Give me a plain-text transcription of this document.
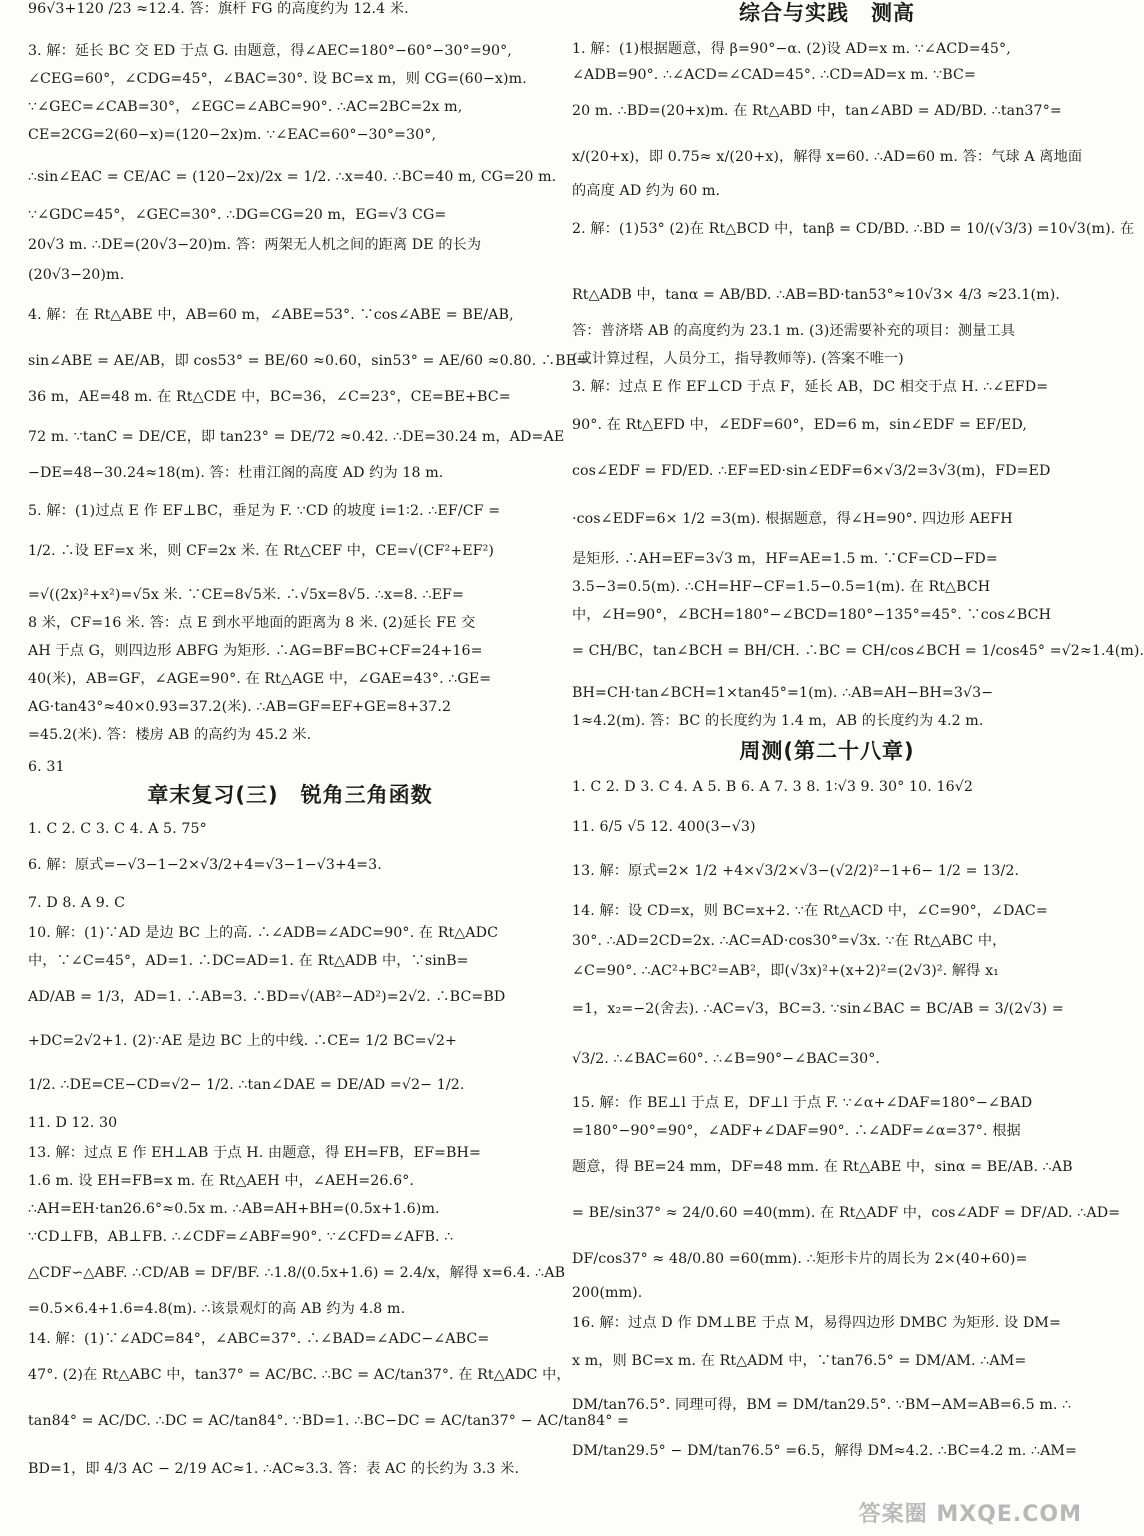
章末复习(三)　锐角三角函数
96√3+120 /23 ≈12.4. 答：旗杆 FG 的高度约为 12.4 米.
3. 解：延长 BC 交 ED 于点 G. 由题意，得∠AEC=180°−60°−30°=90°,
∠CEG=60°，∠CDG=45°，∠BAC=30°. 设 BC=x m，则 CG=(60−x)m.
∵∠GEC=∠CAB=30°，∠EGC=∠ABC=90°. ∴AC=2BC=2x m,
CE=2CG=2(60−x)=(120−2x)m. ∵∠EAC=60°−30°=30°,
∴sin∠EAC = CE/AC = (120−2x)/2x = 1/2. ∴x=40. ∴BC=40 m, CG=20 m.
∵∠GDC=45°，∠GEC=30°. ∴DG=CG=20 m，EG=√3 CG=
20√3 m. ∴DE=(20√3−20)m. 答：两架无人机之间的距离 DE 的长为
(20√3−20)m.
4. 解：在 Rt△ABE 中，AB=60 m，∠ABE=53°. ∵cos∠ABE = BE/AB,
sin∠ABE = AE/AB，即 cos53° = BE/60 ≈0.60，sin53° = AE/60 ≈0.80. ∴BE=
36 m，AE=48 m. 在 Rt△CDE 中，BC=36，∠C=23°，CE=BE+BC=
72 m. ∵tanC = DE/CE，即 tan23° = DE/72 ≈0.42. ∴DE=30.24 m，AD=AE
−DE=48−30.24≈18(m). 答：杜甫江阁的高度 AD 约为 18 m.
5. 解：(1)过点 E 作 EF⊥BC，垂足为 F. ∵CD 的坡度 i=1∶2. ∴EF/CF =
1/2. ∴设 EF=x 米，则 CF=2x 米. 在 Rt△CEF 中，CE=√(CF²+EF²)
=√((2x)²+x²)=√5x 米. ∵CE=8√5米. ∴√5x=8√5. ∴x=8. ∴EF=
8 米，CF=16 米. 答：点 E 到水平地面的距离为 8 米. (2)延长 FE 交
AH 于点 G，则四边形 ABFG 为矩形. ∴AG=BF=BC+CF=24+16=
40(米)，AB=GF，∠AGE=90°. 在 Rt△AGE 中，∠GAE=43°. ∴GE=
AG·tan43°≈40×0.93=37.2(米). ∴AB=GF=EF+GE=8+37.2
=45.2(米). 答：楼房 AB 的高约为 45.2 米.
6. 31
1. C 2. C 3. C 4. A 5. 75°
6. 解：原式=−√3−1−2×√3/2+4=√3−1−√3+4=3.
7. D 8. A 9. C
10. 解：(1)∵AD 是边 BC 上的高. ∴∠ADB=∠ADC=90°. 在 Rt△ADC
中，∵∠C=45°，AD=1. ∴DC=AD=1. 在 Rt△ADB 中，∵sinB=
AD/AB = 1/3，AD=1. ∴AB=3. ∴BD=√(AB²−AD²)=2√2. ∴BC=BD
+DC=2√2+1. (2)∵AE 是边 BC 上的中线. ∴CE= 1/2 BC=√2+
1/2. ∴DE=CE−CD=√2− 1/2. ∴tan∠DAE = DE/AD =√2− 1/2.
11. D 12. 30
13. 解：过点 E 作 EH⊥AB 于点 H. 由题意，得 EH=FB，EF=BH=
1.6 m. 设 EH=FB=x m. 在 Rt△AEH 中，∠AEH=26.6°.
∴AH=EH·tan26.6°≈0.5x m. ∴AB=AH+BH=(0.5x+1.6)m.
∵CD⊥FB，AB⊥FB. ∴∠CDF=∠ABF=90°. ∵∠CFD=∠AFB. ∴
△CDF∽△ABF. ∴CD/AB = DF/BF. ∴1.8/(0.5x+1.6) = 2.4/x，解得 x=6.4. ∴AB
=0.5×6.4+1.6=4.8(m). ∴该景观灯的高 AB 约为 4.8 m.
14. 解：(1)∵∠ADC=84°，∠ABC=37°. ∴∠BAD=∠ADC−∠ABC=
47°. (2)在 Rt△ABC 中，tan37° = AC/BC. ∴BC = AC/tan37°. 在 Rt△ADC 中，
tan84° = AC/DC. ∴DC = AC/tan84°. ∵BD=1. ∴BC−DC = AC/tan37° − AC/tan84° =
BD=1，即 4/3 AC − 2/19 AC≈1. ∴AC≈3.3. 答：表 AC 的长约为 3.3 米.
综合与实践　测高
周测(第二十八章)
1. 解：(1)根据题意，得 β=90°−α. (2)设 AD=x m. ∵∠ACD=45°,
∠ADB=90°. ∴∠ACD=∠CAD=45°. ∴CD=AD=x m. ∵BC=
20 m. ∴BD=(20+x)m. 在 Rt△ABD 中，tan∠ABD = AD/BD. ∴tan37°=
x/(20+x)，即 0.75≈ x/(20+x)，解得 x=60. ∴AD=60 m. 答：气球 A 离地面
的高度 AD 约为 60 m.
2. 解：(1)53° (2)在 Rt△BCD 中，tanβ = CD/BD. ∴BD = 10/(√3/3) =10√3(m). 在
Rt△ADB 中，tanα = AB/BD. ∴AB=BD·tan53°≈10√3× 4/3 ≈23.1(m).
答：普济塔 AB 的高度约为 23.1 m. (3)还需要补充的项目：测量工具
(或计算过程，人员分工，指导教师等). (答案不唯一)
3. 解：过点 E 作 EF⊥CD 于点 F，延长 AB，DC 相交于点 H. ∴∠EFD=
90°. 在 Rt△EFD 中，∠EDF=60°，ED=6 m，sin∠EDF = EF/ED,
cos∠EDF = FD/ED. ∴EF=ED·sin∠EDF=6×√3/2=3√3(m)，FD=ED
·cos∠EDF=6× 1/2 =3(m). 根据题意，得∠H=90°. 四边形 AEFH
是矩形. ∴AH=EF=3√3 m，HF=AE=1.5 m. ∵CF=CD−FD=
3.5−3=0.5(m). ∴CH=HF−CF=1.5−0.5=1(m). 在 Rt△BCH
中，∠H=90°，∠BCH=180°−∠BCD=180°−135°=45°. ∵cos∠BCH
= CH/BC，tan∠BCH = BH/CH. ∴BC = CH/cos∠BCH = 1/cos45° =√2≈1.4(m).
BH=CH·tan∠BCH=1×tan45°=1(m). ∴AB=AH−BH=3√3−
1≈4.2(m). 答：BC 的长度约为 1.4 m，AB 的长度约为 4.2 m.
1. C 2. D 3. C 4. A 5. B 6. A 7. 3 8. 1∶√3 9. 30° 10. 16√2
11. 6/5 √5 12. 400(3−√3)
13. 解：原式=2× 1/2 +4×√3/2×√3−(√2/2)²−1+6− 1/2 = 13/2.
14. 解：设 CD=x，则 BC=x+2. ∵在 Rt△ACD 中，∠C=90°，∠DAC=
30°. ∴AD=2CD=2x. ∴AC=AD·cos30°=√3x. ∵在 Rt△ABC 中，
∠C=90°. ∴AC²+BC²=AB²，即(√3x)²+(x+2)²=(2√3)². 解得 x₁
=1，x₂=−2(舍去). ∴AC=√3，BC=3. ∵sin∠BAC = BC/AB = 3/(2√3) =
√3/2. ∴∠BAC=60°. ∴∠B=90°−∠BAC=30°.
15. 解：作 BE⊥l 于点 E，DF⊥l 于点 F. ∵∠α+∠DAF=180°−∠BAD
=180°−90°=90°，∠ADF+∠DAF=90°. ∴∠ADF=∠α=37°. 根据
题意，得 BE=24 mm，DF=48 mm. 在 Rt△ABE 中，sinα = BE/AB. ∴AB
= BE/sin37° ≈ 24/0.60 =40(mm). 在 Rt△ADF 中，cos∠ADF = DF/AD. ∴AD=
DF/cos37° ≈ 48/0.80 =60(mm). ∴矩形卡片的周长为 2×(40+60)=
200(mm).
16. 解：过点 D 作 DM⊥BE 于点 M，易得四边形 DMBC 为矩形. 设 DM=
x m，则 BC=x m. 在 Rt△ADM 中，∵tan76.5° = DM/AM. ∴AM=
DM/tan76.5°. 同理可得，BM = DM/tan29.5°. ∵BM−AM=AB=6.5 m. ∴
DM/tan29.5° − DM/tan76.5° =6.5，解得 DM≈4.2. ∴BC=4.2 m. ∴AM=
答案圈 MXQE.COM
